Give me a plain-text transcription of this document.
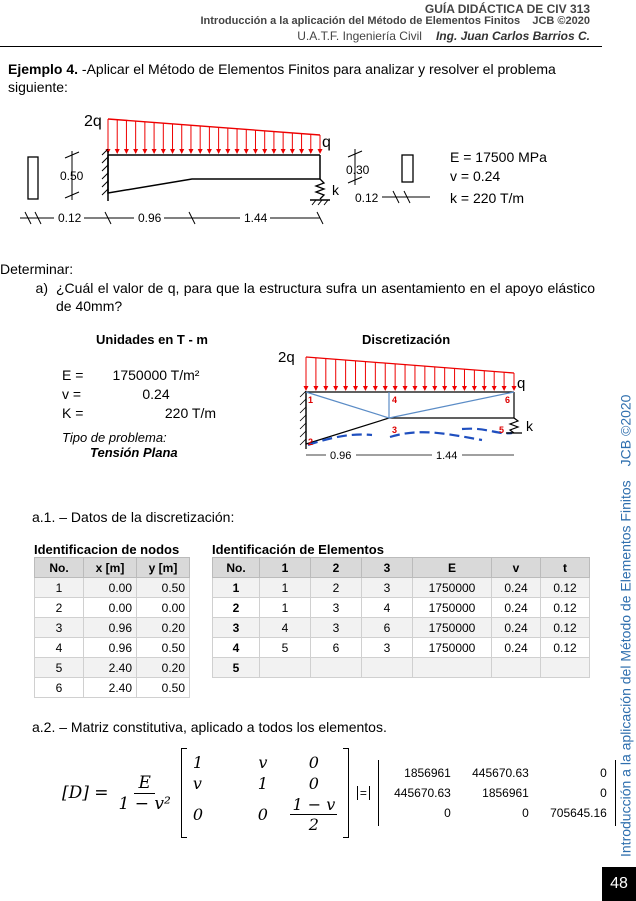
GUÍA DIDÁCTICA DE CIV 313
Introducción a la aplicación del Método de Elementos Finitos    JCB ©2020
U.A.T.F. Ingeniería Civil Ing. Juan Carlos Barrios C.
Introducción a la aplicación del Método de Elementos FinitosJCB ©2020
48

Ejemplo 4. -Aplicar el Método de Elementos Finitos para analizar y resolver el problema siguiente:

2q
q
k
0.50
0.12	0.96	1.44
0.30
0.12
E = 17500 MPa
v = 0.24
k = 220 T/m

Determinar:

a) ¿Cuál el valor de q, para que la estructura sufra un asentamiento en el apoyo elástico de 40mm?

Unidades en T - m
E =	1750000 T/m²
v =	0.24
K =	220 T/m
Tipo de problema:
Tensión Plana
Discretización
2q
q
1
2
3
4
5
6
k
0.96	1.44

a.1. – Datos de la discretización:

Identificacion de nodos
No.	x [m]	y [m]
1	0.00	0.50
2	0.00	0.00
3	0.96	0.20
4	0.96	0.50
5	2.40	0.20
6	2.40	0.50
Identificación de Elementos
No.	1	2	3	E	v	t
1	1	2	3	1750000	0.24	0.12
2	1	3	4	1750000	0.24	0.12
3	4	3	6	1750000	0.24	0.12
4	5	6	3	1750000	0.24	0.12
5						

a.2. – Matriz constitutiva, aplicado a todos los elementos.

$[D] = \frac{E}{\text{1 − v²}}$
1	v	0
v	1	0
0	0	$\frac{1 - v}{2}$
=
1856961	445670.63	0
445670.63	1856961	0
0	0	705645.16
